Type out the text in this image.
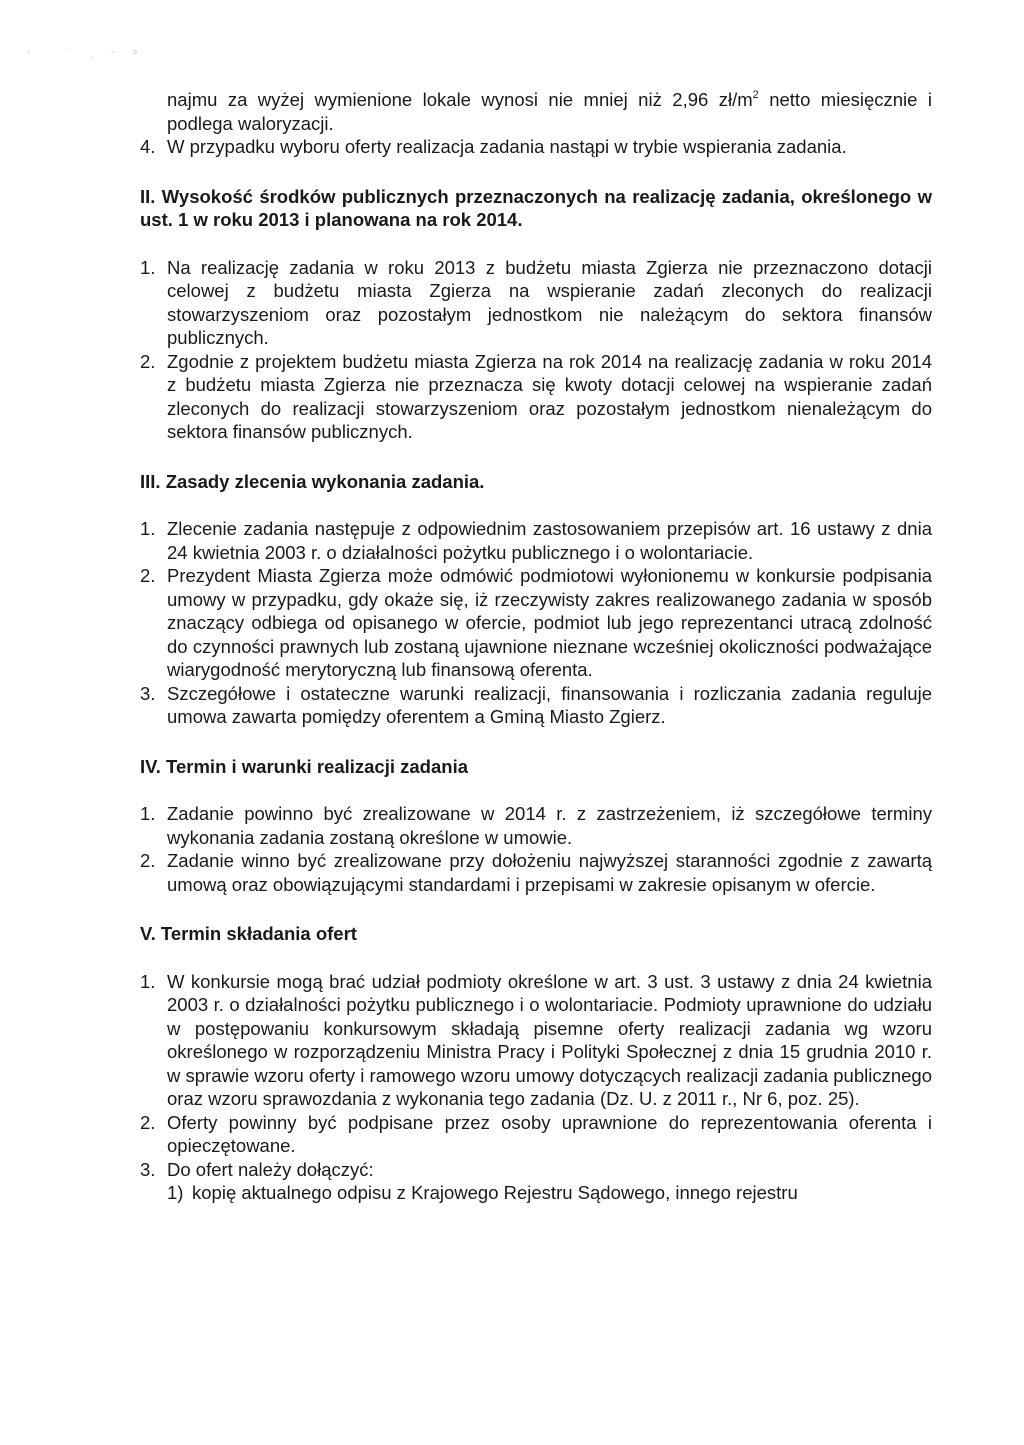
ʳ ˙ˏ⁻ᵖ
najmu za wyżej wymienione lokale wynosi nie mniej niż 2,96 $zł/m^2$ netto miesięcznie i podlega waloryzacji.
4. W przypadku wyboru oferty realizacja zadania nastąpi w trybie wspierania zadania.
II. Wysokość środków publicznych przeznaczonych na realizację zadania, określonego w ust. 1 w roku 2013 i planowana na rok 2014.
1. Na realizację zadania w roku 2013 z budżetu miasta Zgierza nie przeznaczono dotacji celowej z budżetu miasta Zgierza na wspieranie zadań zleconych do realizacji stowarzyszeniom oraz pozostałym jednostkom nie należącym do sektora finansów publicznych.
2. Zgodnie z projektem budżetu miasta Zgierza na rok 2014 na realizację zadania w roku 2014 z budżetu miasta Zgierza nie przeznacza się kwoty dotacji celowej na wspieranie zadań zleconych do realizacji stowarzyszeniom oraz pozostałym jednostkom nienależącym do sektora finansów publicznych.
III. Zasady zlecenia wykonania zadania.
1. Zlecenie zadania następuje z odpowiednim zastosowaniem przepisów art. 16 ustawy z dnia 24 kwietnia 2003 r. o działalności pożytku publicznego i o wolontariacie.
2. Prezydent Miasta Zgierza może odmówić podmiotowi wyłonionemu w konkursie podpisania umowy w przypadku, gdy okaże się, iż rzeczywisty zakres realizowanego zadania w sposób znaczący odbiega od opisanego w ofercie, podmiot lub jego reprezentanci utracą zdolność do czynności prawnych lub zostaną ujawnione nieznane wcześniej okoliczności podważające wiarygodność merytoryczną lub finansową oferenta.
3. Szczegółowe i ostateczne warunki realizacji, finansowania i rozliczania zadania reguluje umowa zawarta pomiędzy oferentem a Gminą Miasto Zgierz.
IV. Termin i warunki realizacji zadania
1. Zadanie powinno być zrealizowane w 2014 r. z zastrzeżeniem, iż szczegółowe terminy wykonania zadania zostaną określone w umowie.
2. Zadanie winno być zrealizowane przy dołożeniu najwyższej staranności zgodnie z zawartą umową oraz obowiązującymi standardami i przepisami w zakresie opisanym w ofercie.
V. Termin składania ofert
1. W konkursie mogą brać udział podmioty określone w art. 3 ust. 3 ustawy z dnia 24 kwietnia 2003 r. o działalności pożytku publicznego i o wolontariacie. Podmioty uprawnione do udziału w postępowaniu konkursowym składają pisemne oferty realizacji zadania wg wzoru określonego w rozporządzeniu Ministra Pracy i Polityki Społecznej z dnia 15 grudnia 2010 r. w sprawie wzoru oferty i ramowego wzoru umowy dotyczących realizacji zadania publicznego oraz wzoru sprawozdania z wykonania tego zadania (Dz. U. z 2011 r., Nr 6, poz. 25).
2. Oferty powinny być podpisane przez osoby uprawnione do reprezentowania oferenta i opieczętowane.
3. Do ofert należy dołączyć:
1) kopię aktualnego odpisu z Krajowego Rejestru Sądowego, innego rejestru
